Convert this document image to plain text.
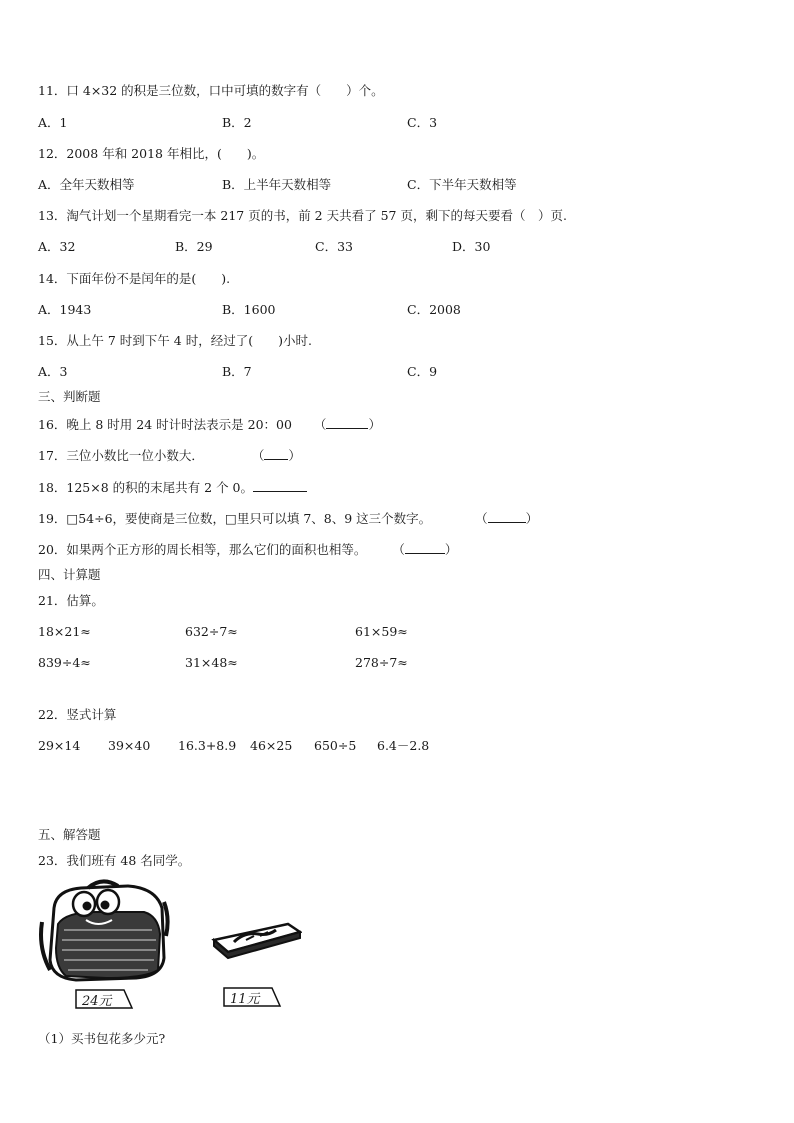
11．口 4×32 的积是三位数，口中可填的数字有（　　）个。
A．1	B．2	C．3
12．2008 年和 2018 年相比，(　　)。
A．全年天数相等	B．上半年天数相等	C．下半年天数相等
13．淘气计划一个星期看完一本 217 页的书，前 2 天共看了 57 页，剩下的每天要看（　）页.
A．32	B．29	C．33	D．30
14．下面年份不是闰年的是(　　).
A．1943	B．1600	C．2008
15．从上午 7 时到下午 4 时，经过了(　　)小时.
A．3	B．7	C．9
三、判断题
16．晚上 8 时用 24 时计时法表示是 20：00 （	）
17．三位小数比一位小数大．	（ ）
18．125×8 的积的末尾共有 2 个 0。
19．□54÷6，要使商是三位数，□里只可以填 7、8、9 这三个数字。	（	）
20．如果两个正方形的周长相等，那么它们的面积也相等。 （	）
四、计算题
21．估算。
18×21≈	632÷7≈	61×59≈
839÷4≈	31×48≈	278÷7≈
22．竖式计算
29×14 39×40 16.3+8.9 46×25 650÷5 6.4－2.8
五、解答题
23．我们班有 48 名同学。
24元	11元
（1）买书包花多少元?
